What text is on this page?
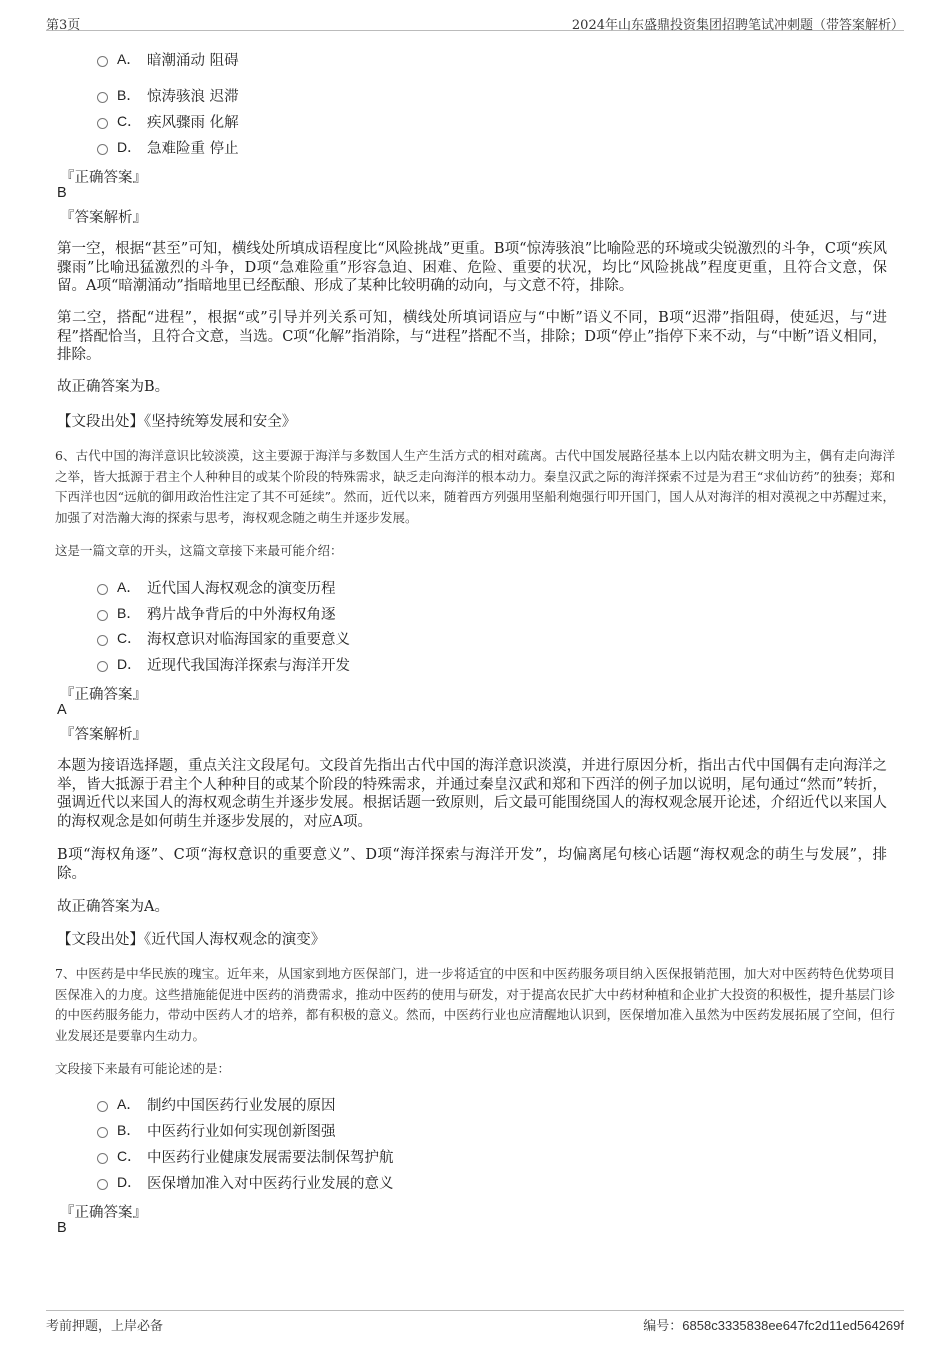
第3页	2024年山东盛鼎投资集团招聘笔试冲刺题（带答案解析）
A． 暗潮涌动 阻碍
B． 惊涛骇浪 迟滞
C． 疾风骤雨 化解
D． 急难险重 停止
『正确答案』
B
『答案解析』
第一空，根据“甚至”可知，横线处所填成语程度比“风险挑战”更重。B项“惊涛骇浪”比喻险恶的环境或尖锐激烈的斗争，C项“疾风骤雨”比喻迅猛激烈的斗争，D项“急难险重”形容急迫、困难、危险、重要的状况，均比“风险挑战”程度更重，且符合文意，保留。A项“暗潮涌动”指暗地里已经酝酿、形成了某种比较明确的动向，与文意不符，排除。
第二空，搭配“进程”，根据“或”引导并列关系可知，横线处所填词语应与“中断”语义不同，B项“迟滞”指阻碍，使延迟，与“进程”搭配恰当，且符合文意，当选。C项“化解”指消除，与“进程”搭配不当，排除；D项“停止”指停下来不动，与“中断”语义相同，排除。
故正确答案为B。
【文段出处】《坚持统筹发展和安全》
6、古代中国的海洋意识比较淡漠，这主要源于海洋与多数国人生产生活方式的相对疏离。古代中国发展路径基本上以内陆农耕文明为主，偶有走向海洋之举，皆大抵源于君主个人种种目的或某个阶段的特殊需求，缺乏走向海洋的根本动力。秦皇汉武之际的海洋探索不过是为君王“求仙访药”的独奏；郑和下西洋也因“远航的御用政治性注定了其不可延续”。然而，近代以来，随着西方列强用坚船利炮强行叩开国门，国人从对海洋的相对漠视之中苏醒过来，加强了对浩瀚大海的探索与思考，海权观念随之萌生并逐步发展。
这是一篇文章的开头，这篇文章接下来最可能介绍：
A． 近代国人海权观念的演变历程
B． 鸦片战争背后的中外海权角逐
C． 海权意识对临海国家的重要意义
D． 近现代我国海洋探索与海洋开发
『正确答案』
A
『答案解析』
本题为接语选择题，重点关注文段尾句。文段首先指出古代中国的海洋意识淡漠，并进行原因分析，指出古代中国偶有走向海洋之举，皆大抵源于君主个人种种目的或某个阶段的特殊需求，并通过秦皇汉武和郑和下西洋的例子加以说明，尾句通过“然而”转折，强调近代以来国人的海权观念萌生并逐步发展。根据话题一致原则，后文最可能围绕国人的海权观念展开论述，介绍近代以来国人的海权观念是如何萌生并逐步发展的，对应A项。
B项“海权角逐”、C项“海权意识的重要意义”、D项“海洋探索与海洋开发”，均偏离尾句核心话题“海权观念的萌生与发展”，排除。
故正确答案为A。
【文段出处】《近代国人海权观念的演变》
7、中医药是中华民族的瑰宝。近年来，从国家到地方医保部门，进一步将适宜的中医和中医药服务项目纳入医保报销范围，加大对中医药特色优势项目医保准入的力度。这些措施能促进中医药的消费需求，推动中医药的使用与研发，对于提高农民扩大中药材种植和企业扩大投资的积极性，提升基层门诊的中医药服务能力，带动中医药人才的培养，都有积极的意义。然而，中医药行业也应清醒地认识到，医保增加准入虽然为中医药发展拓展了空间，但行业发展还是要靠内生动力。
文段接下来最有可能论述的是：
A． 制约中国医药行业发展的原因
B． 中医药行业如何实现创新图强
C． 中医药行业健康发展需要法制保驾护航
D． 医保增加准入对中医药行业发展的意义
『正确答案』
B
考前押题，上岸必备	编号：6858c3335838ee647fc2d11ed564269f
